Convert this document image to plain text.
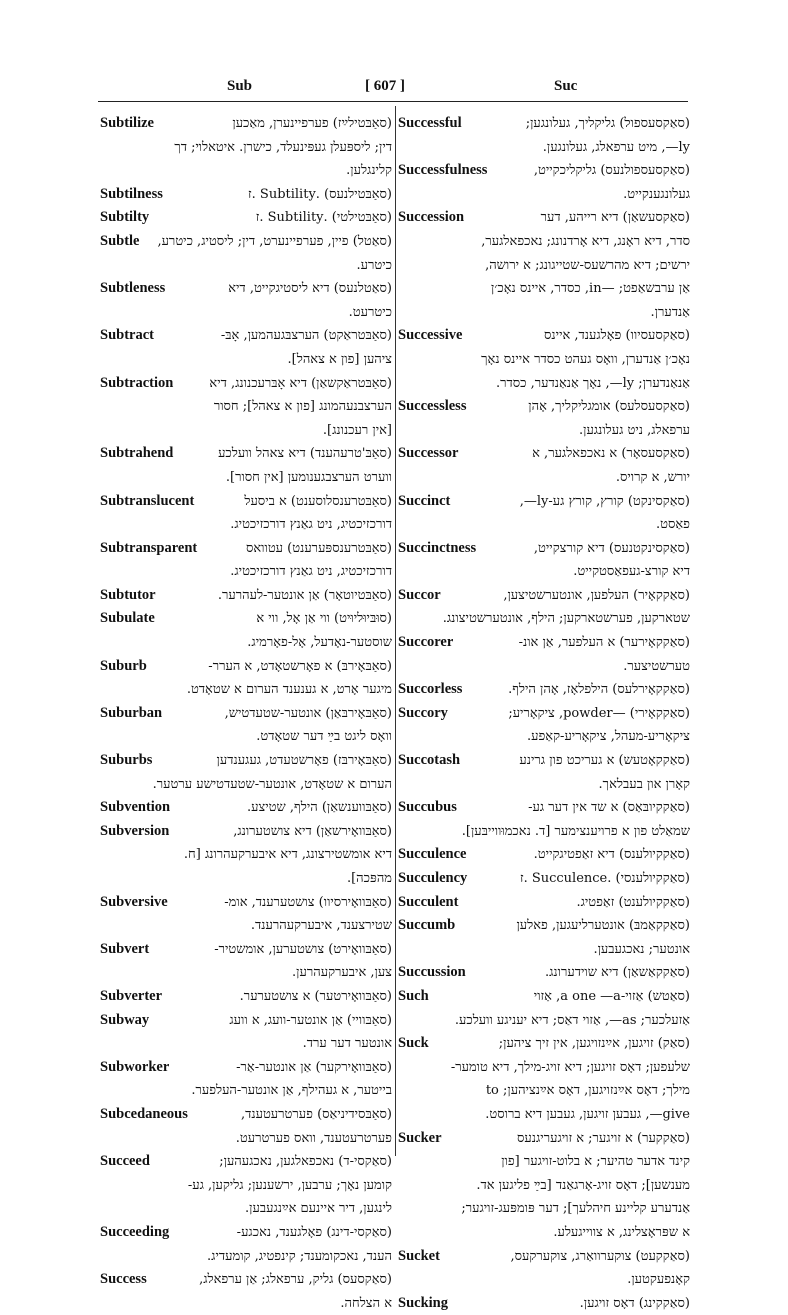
Sub	[ 607 ]	Suc
Subtilize	(סאַבּטילײַז) פערפיינערן, מאַכען
דין; ליספּעלן געפּינעלד, כישרן. איטאלױ; דך
קלינגלען.
Subtilness	(סאַבּטילנעס) .Subtility .ז
Subtilty	(סאַבּטילטי) .Subtility .ז
Subtle	(סאַטל) פיין, פערפיינערט, דין; ליסטיג, כיטרע,
כיטרע.
Subtleness	(סאַטלנעס) דיא ליסטיגקייט, דיא
כיטרעט.
Subtract	(סאַבּטראַקט) הערצבּגעהמען, אָבּ-
ציהען [פון א צאהל].
Subtraction	(סאַבּטראַקשאַן) דיא אָבּרעכנונג, דיא
הערצבנעהמונג [פון א צאהל]; חסור
[אין רעכנונג].
Subtrahend	(סאַבּ'טרעהענד) דיא צאהל וועלכע
ווערט הערצבגענומען [אין חסור].
Subtranslucent	(סאַבּטרענסלוסענט) א ביסעל
דורכזיכטיג, ניט גאַנץ דורכזיכטיג.
Subtransparent	(סאַבּטרענספּערענט) עטוואס
דורכזיכטיג, ניט גאַנץ דורכזיכטיג.
Subtutor	(סאַבּטיוטאָר) אַן אונטער-לעהרער.
Subulate	(סוּבּיוּליוּיט) ווי אַן אָל, ווי א
שוסטער-נאָדעל, אָל-פאָרמיג.
Suburb	(סאַבּאָירבּ) א פאָרשטאָדט, א הערר-
מיגער אָרט, א גענענד הערום א שטאָדט.
Suburban	(סאַבּאָירבּאַן) אונטער-שטעדטיש,
וואָס ליגט בײַ דער שטאָדט.
Suburbs	(סאַבּאָירבּז) פאָרשטעדט, געגענדען
הערום א שטאָדט, אונטער-שטעדטישע ערטער.
Subvention	(סאַבּווענשאַן) הילף, שטיצע.
Subversion	(סאַבּוואָירשאַן) דיא צושטערונג,
דיא אומשטירצונג, דיא איבערקעהרונג [ח.
מהפּכה].
Subversive	(סאַבּוואָירסיוו) צושטערענד, אומ-
שטירצענד, איבערקעהרענד.
Subvert	(סאַבּוואָירט) צושטערען, אומשטיר-
צען, איבערקעהרען.
Subverter	(סאַבּוואָירטער) א צושטערער.
Subway	(סאַבּוויי) אַן אונטער-וועג, א וועג
אונטער דער ערד.
Subworker	(סאַבּוואָירקער) אַן אונטער-אַר-
בייטער, א געהילף, אַן אונטער-העלפער.
Subcedaneous	(סאַבּסידיניאַס) פערטרעטענד,
פערטרעטענד, וואס פערטרעט.
Succeed	(סאַקסי-ד) נאכפאלגען, נאכגעהען;
קומען נאָך; ערבען, ירשענען; גליקען, גע-
לינגען, דיר איינעם אײַנגעבען.
Succeeding	(סאַקסי-דינג) פאָלגענד, נאכגע-
הענד, נאכקומענד; קינפטיג, קומעדיג.
Success	(סאַקסעס) גליק, ערפאלג; אַן ערפאלג,
א הצלחה.
Successful	(סאַקסעספול) גליקליך, געלונגען;
ly—, מיט ערפאלג, געלונגען.
Successfulness	(סאַקסעספולנעס) גליקליכקייט,
געלונגענקייט.
Succession	(סאַקסעשאַן) דיא רייהע, דער
סדר, דיא ראָנג, דיא אָרדנונג; נאכפאלגער,
ירשים; דיא מהרשעס-שטייגונג; א ירושה,
אַן ערבשאַפט; —in, כסדר, איינס נאָכ׳ן
אַנדערן.
Successive	(סאַקסעסיוו) פאָלגענד, איינס
נאָכ׳ן אַנדערן, וואָס געהט כסדר איינס נאָך
אַנאַנדערן; ly—, נאָך אַנאַנדער, כסדר.
Successless	(סאַקסעסלעס) אומגליקליך, אָהן
ערפאלג, ניט געלונגען.
Successor	(סאַקסעסאָר) א נאכפאלגער, א
יורש, א קרויס.
Succinct	(סאַקסינקט) קורץ, קורץ גע-ly—,
פאַסט.
Succinctness	(סאַקסינקטנעס) דיא קורצקייט,
דיא קורצ-געפאַסטקייט.
Succor	(סאַקקאָיר) העלפען, אונטערשטיצען,
שטארקען, פערשטארקען; הילף, אונטערשטיצונג.
Succorer	(סאַקקאָירער) א העלפער, אַן אונ-
טערשטיצער.
Succorless	(סאַקקאָירלעס) הילפלאָז, אָהן הילף.
Succory	(סאַקקאָירי) —powder, ציקאָריע;
ציקאָריע-מעהל, ציקאָריע-קאַפע.
Succotash	(סאַקקאָטעש) א געריכט פון גרינע
קאָרן און בעבלאך.
Succubus	(סאַקקיובּאַס) א שד אין דער גע-
שמאַלט פון א פרויענצימער [ד. נאכמוּווייבּען].
Succulence	(סאַקקיולענס) דיא זאַפטיגקייט.
Succulency	(סאַקקיולענסי) .Succulence .ז
Succulent	(סאַקקיולענט) זאַפטיג.
Succumb	(סאַקקאַמבּ) אונטערליעגען, פאלען
אונטער; נאכגעבען.
Succussion	(סאַקקאַשאַן) דיא שוידערונג.
Such	(סאַטש) אַזוי-a one —a, אַזוי
אַזעלכער; as—, אַזוי דאַס; דיא יעניגע וועלכע.
Suck	(סאַק) זויגען, אײַנזויגען, אין זיך ציהען;
שלעפען; דאָס זויגען; דיא זויג-מילך, דיא טומער-
מילך; דאָס אײַנזויגען, דאָס אײַנציהען; to
give—, געבען זויגען, געבען דיא ברוסט.
Sucker	(סאַקקער) א זויגער; א זויגעריגנעס
קינד אדער טהיער; א בלוט-זויגער [פון
מענשען]; דאָס זויג-אָרגאַנד [בײַ פליגען אד.
אַנדערע קליינע חיהלעך]; דער פּומפּעג-זויגער;
א שפּראָצלינג, א צווייגעלע.
Sucket	(סאַקקעט) צוקערוואַרג, צוקערקעס,
קאָנפעקטען.
Sucking	(סאַקקינג) דאָס זויגען.
